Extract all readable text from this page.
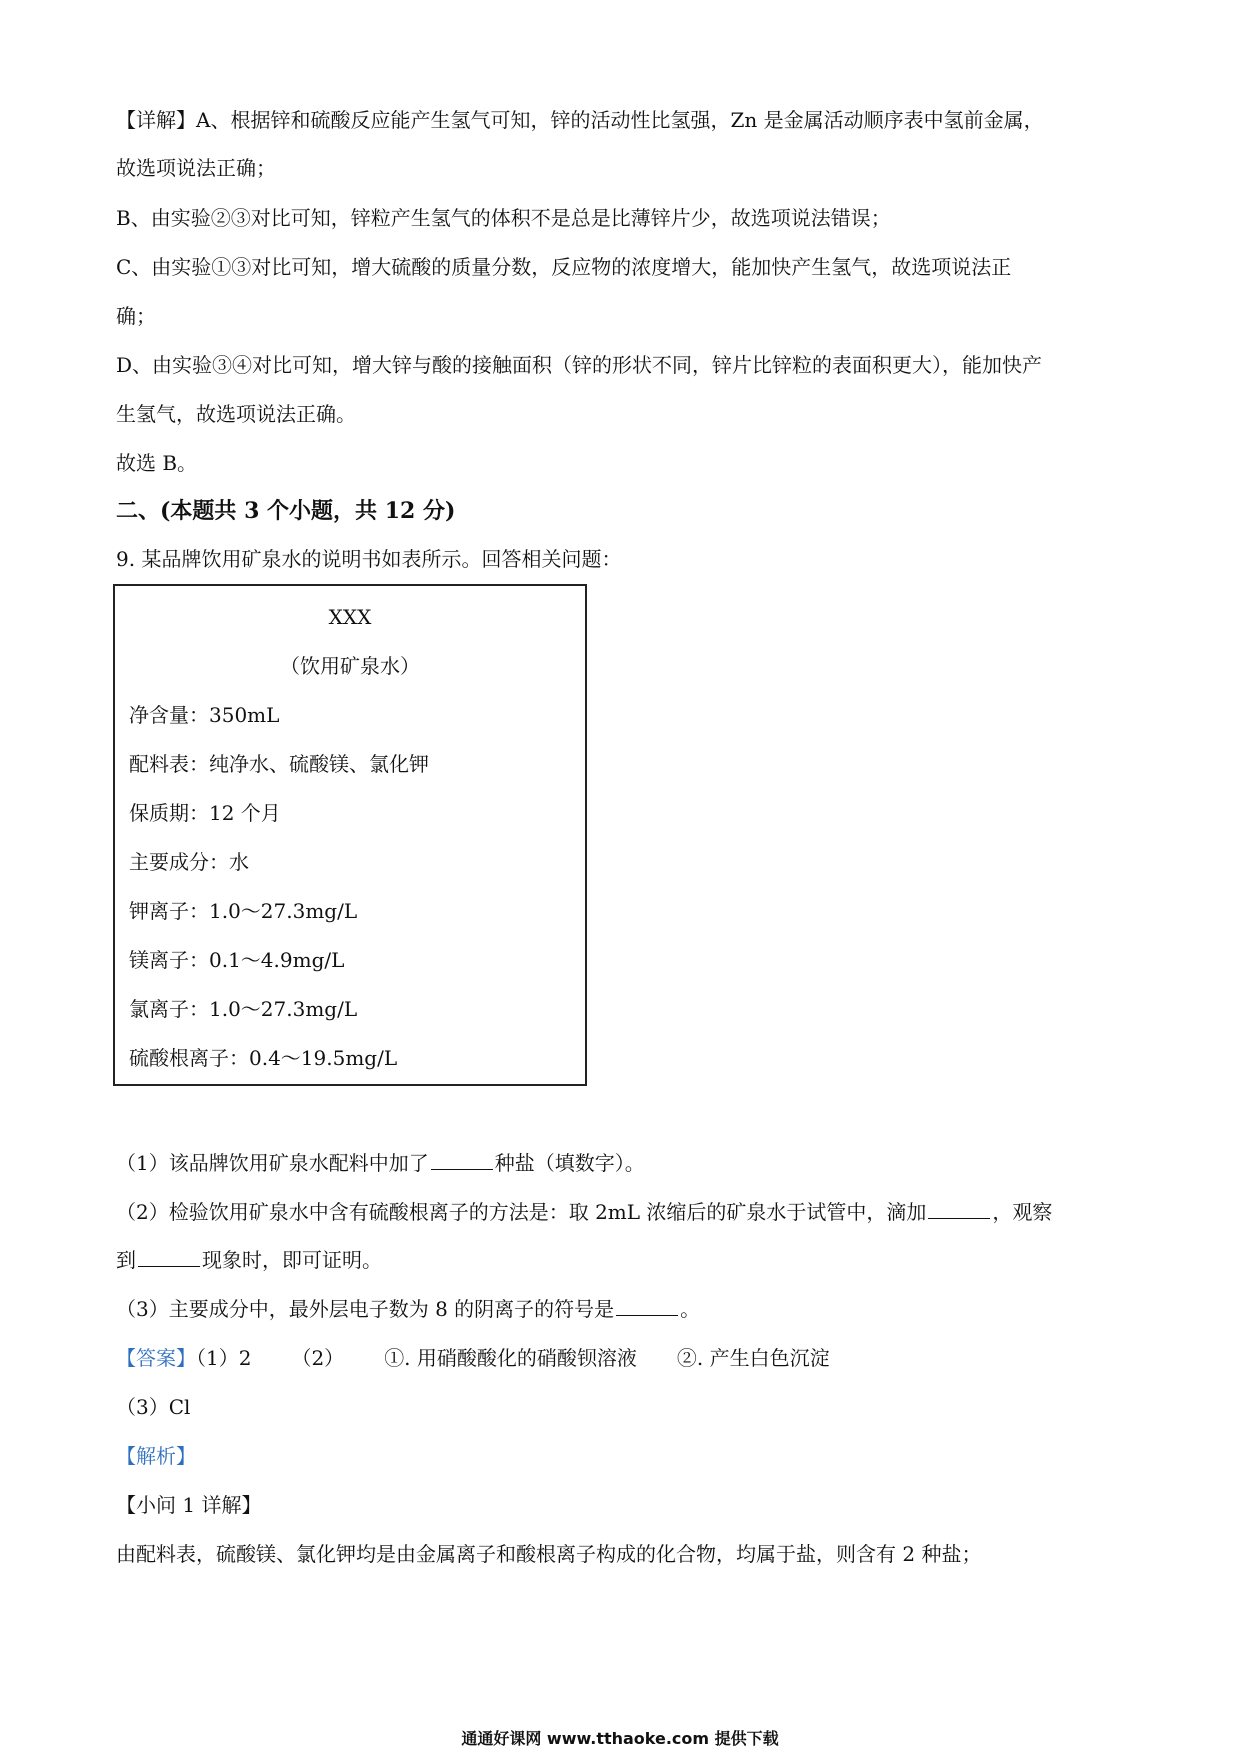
【详解】A、根据锌和硫酸反应能产生氢气可知，锌的活动性比氢强，Zn 是金属活动顺序表中氢前金属，
故选项说法正确；
B、由实验②③对比可知，锌粒产生氢气的体积不是总是比薄锌片少，故选项说法错误；
C、由实验①③对比可知，增大硫酸的质量分数，反应物的浓度增大，能加快产生氢气，故选项说法正
确；
D、由实验③④对比可知，增大锌与酸的接触面积（锌的形状不同，锌片比锌粒的表面积更大），能加快产
生氢气，故选项说法正确。
故选 B。
二、(本题共 3 个小题，共 12 分)
9. 某品牌饮用矿泉水的说明书如表所示。回答相关问题：
XXX
（饮用矿泉水）
净含量：350mL
配料表：纯净水、硫酸镁、氯化钾
保质期：12 个月
主要成分：水
钾离子：1.0～27.3mg/L
镁离子：0.1～4.9mg/L
氯离子：1.0～27.3mg/L
硫酸根离子：0.4～19.5mg/L
（1）该品牌饮用矿泉水配料中加了	种盐（填数字）。
（2）检验饮用矿泉水中含有硫酸根离子的方法是：取 2mL 浓缩后的矿泉水于试管中，滴加	，观察
到	现象时，即可证明。
（3）主要成分中，最外层电子数为 8 的阴离子的符号是	。
【答案】（1）2 （2） ①. 用硝酸酸化的硝酸钡溶液 ②. 产生白色沉淀
（3）Cl
【解析】
【小问 1 详解】
由配料表，硫酸镁、氯化钾均是由金属离子和酸根离子构成的化合物，均属于盐，则含有 2 种盐；
通通好课网 www.tthaoke.com 提供下载
